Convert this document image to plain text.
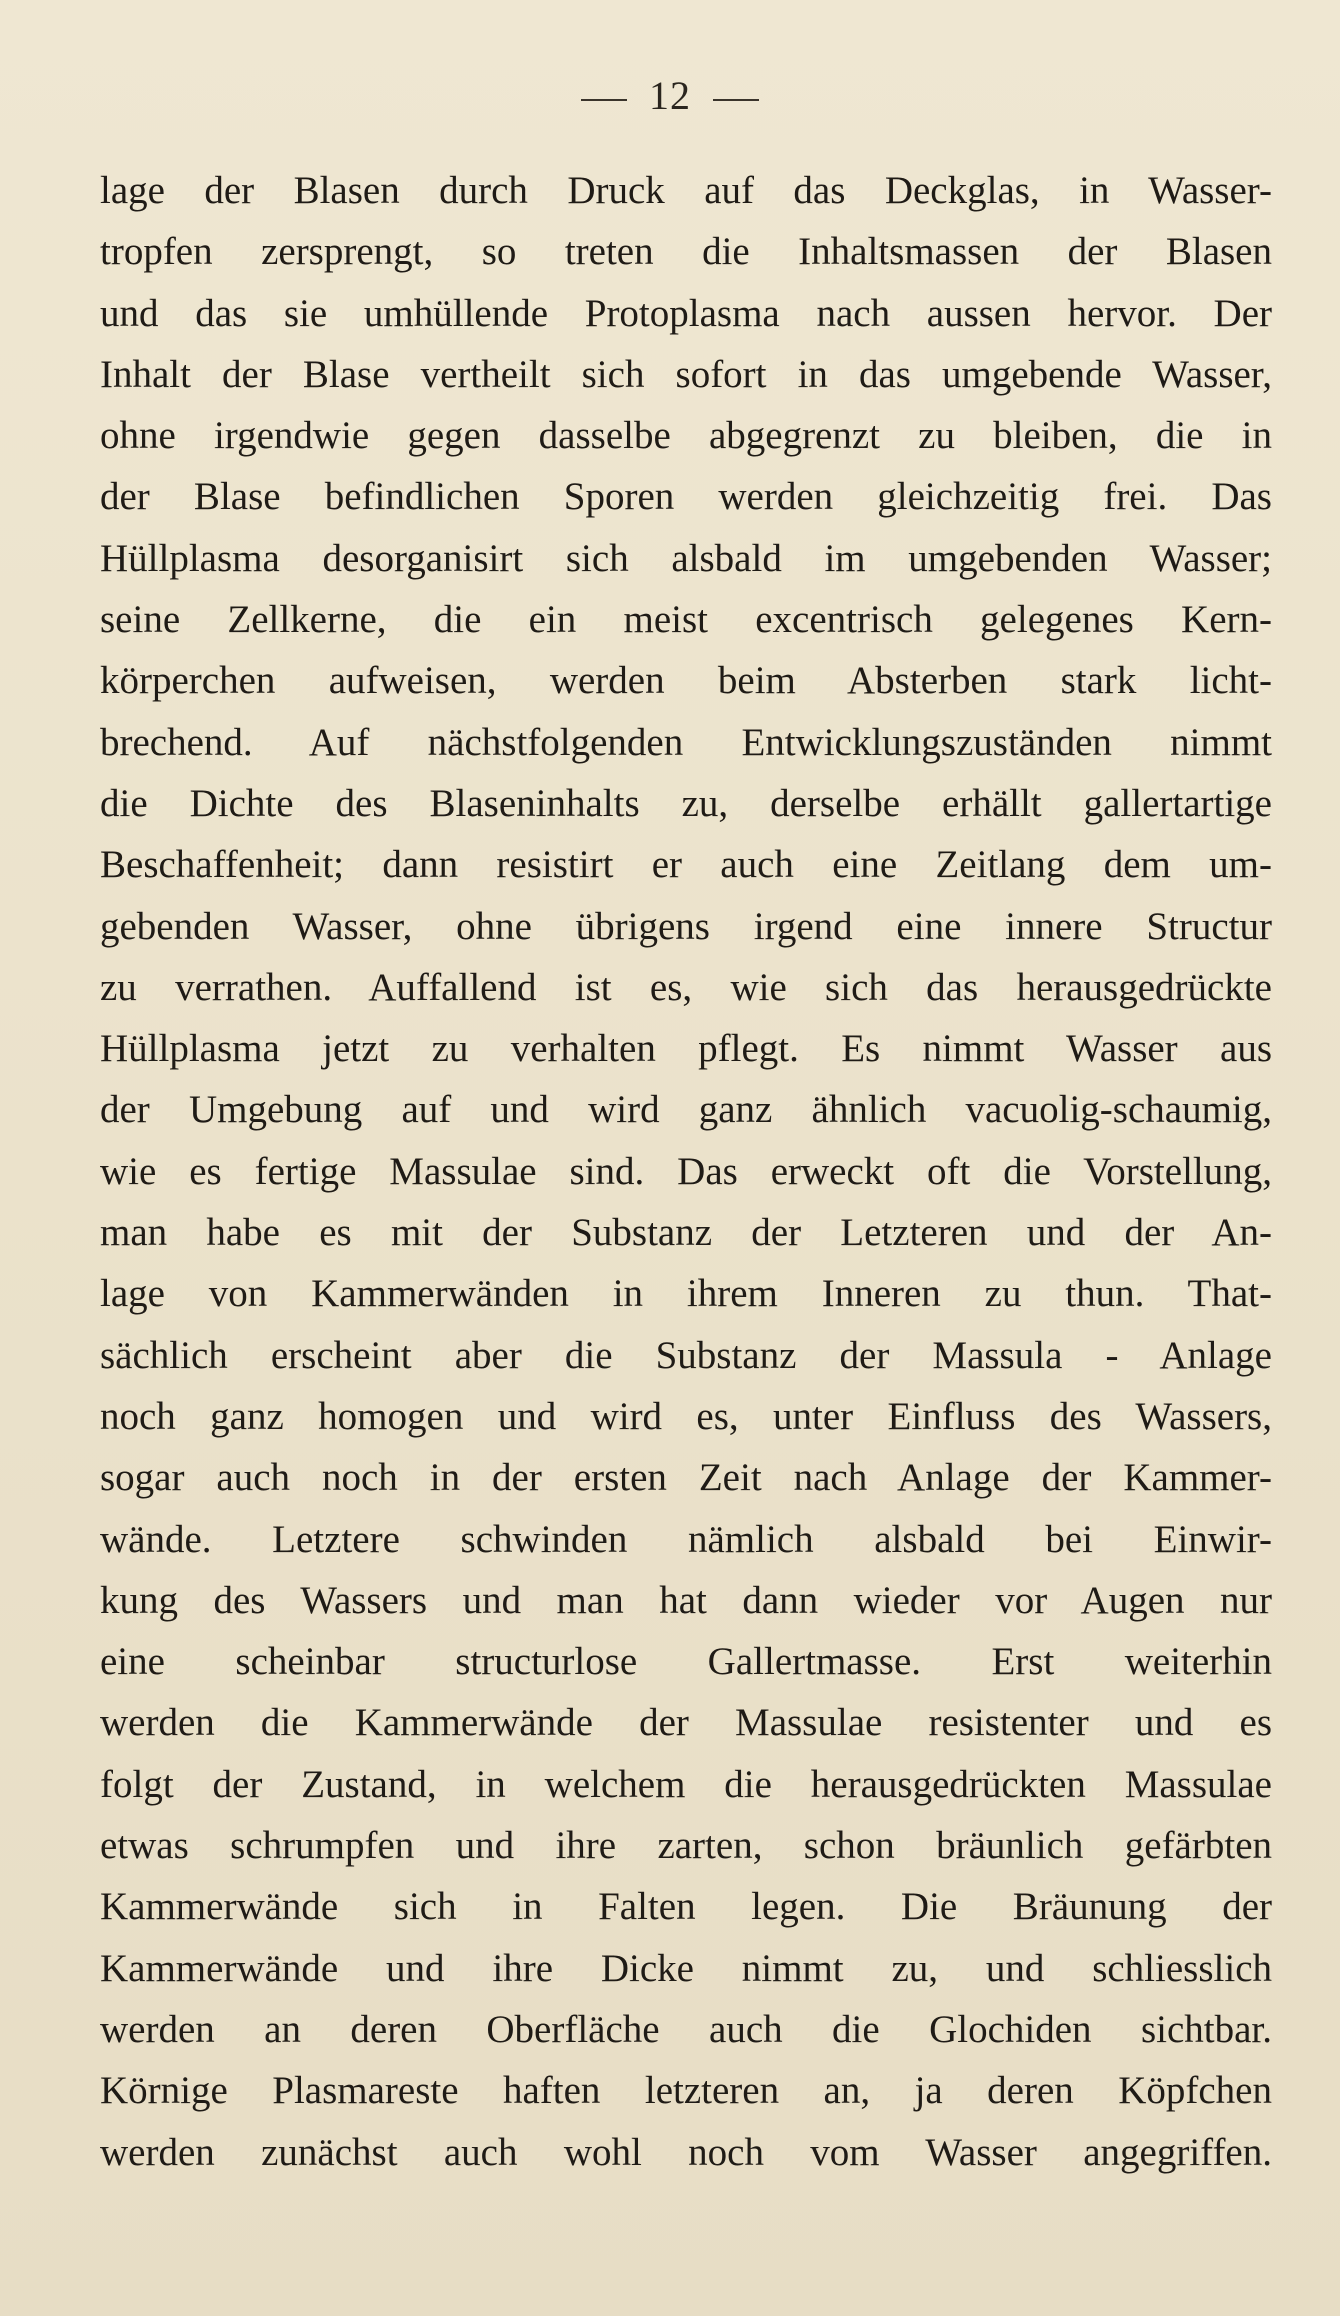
12
lage der Blasen durch Druck auf das Deckglas, in Wasser-
tropfen zersprengt, so treten die Inhaltsmassen der Blasen
und das sie umhüllende Protoplasma nach aussen hervor. Der
Inhalt der Blase vertheilt sich sofort in das umgebende Wasser,
ohne irgendwie gegen dasselbe abgegrenzt zu bleiben, die in
der Blase befindlichen Sporen werden gleichzeitig frei. Das
Hüllplasma desorganisirt sich alsbald im umgebenden Wasser;
seine Zellkerne, die ein meist excentrisch gelegenes Kern-
körperchen aufweisen, werden beim Absterben stark licht-
brechend. Auf nächstfolgenden Entwicklungszuständen nimmt
die Dichte des Blaseninhalts zu, derselbe erhällt gallertartige
Beschaffenheit; dann resistirt er auch eine Zeitlang dem um-
gebenden Wasser, ohne übrigens irgend eine innere Structur
zu verrathen. Auffallend ist es, wie sich das herausgedrückte
Hüllplasma jetzt zu verhalten pflegt. Es nimmt Wasser aus
der Umgebung auf und wird ganz ähnlich vacuolig-schaumig,
wie es fertige Massulae sind. Das erweckt oft die Vorstellung,
man habe es mit der Substanz der Letzteren und der An-
lage von Kammerwänden in ihrem Inneren zu thun. That-
sächlich erscheint aber die Substanz der Massula - Anlage
noch ganz homogen und wird es, unter Einfluss des Wassers,
sogar auch noch in der ersten Zeit nach Anlage der Kammer-
wände. Letztere schwinden nämlich alsbald bei Einwir-
kung des Wassers und man hat dann wieder vor Augen nur
eine scheinbar structurlose Gallertmasse. Erst weiterhin
werden die Kammerwände der Massulae resistenter und es
folgt der Zustand, in welchem die herausgedrückten Massulae
etwas schrumpfen und ihre zarten, schon bräunlich gefärbten
Kammerwände sich in Falten legen. Die Bräunung der
Kammerwände und ihre Dicke nimmt zu, und schliesslich
werden an deren Oberfläche auch die Glochiden sichtbar.
Körnige Plasmareste haften letzteren an, ja deren Köpfchen
werden zunächst auch wohl noch vom Wasser angegriffen.
